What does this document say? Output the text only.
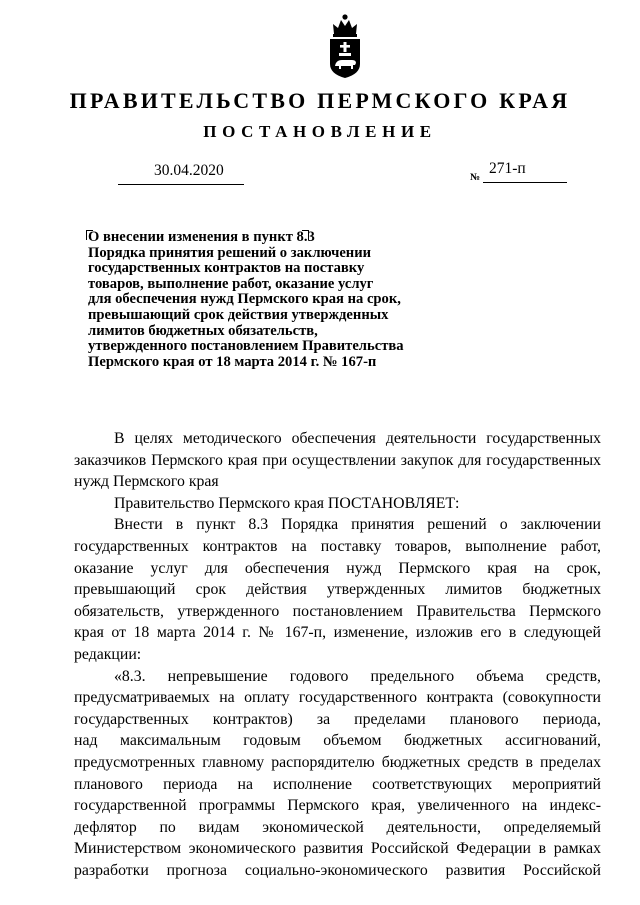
ПРАВИТЕЛЬСТВО ПЕРМСКОГО КРАЯ
ПОСТАНОВЛЕНИЕ
30.04.2020	№
271-п
О внесении изменения в пункт 8.3
Порядка принятия решений о заключении
государственных контрактов на поставку
товаров, выполнение работ, оказание услуг
для обеспечения нужд Пермского края на срок,
превышающий срок действия утвержденных
лимитов бюджетных обязательств,
утвержденного постановлением Правительства
Пермского края от 18 марта 2014 г. № 167-п
В целях методического обеспечения деятельности государственных
заказчиков Пермского края при осуществлении закупок для государственных
нужд Пермского края
Правительство Пермского края ПОСТАНОВЛЯЕТ:
Внести в пункт 8.3 Порядка принятия решений о заключении
государственных контрактов на поставку товаров, выполнение работ,
оказание услуг для обеспечения нужд Пермского края на срок,
превышающий срок действия утвержденных лимитов бюджетных
обязательств, утвержденного постановлением Правительства Пермского
края от 18 марта 2014 г. № 167-п, изменение, изложив его в следующей
редакции:
«8.3. непревышение годового предельного объема средств,
предусматриваемых на оплату государственного контракта (совокупности
государственных контрактов) за пределами планового периода,
над максимальным годовым объемом бюджетных ассигнований,
предусмотренных главному распорядителю бюджетных средств в пределах
планового периода на исполнение соответствующих мероприятий
государственной программы Пермского края, увеличенного на индекс-
дефлятор по видам экономической деятельности, определяемый
Министерством экономического развития Российской Федерации в рамках
разработки прогноза социально-экономического развития Российской
